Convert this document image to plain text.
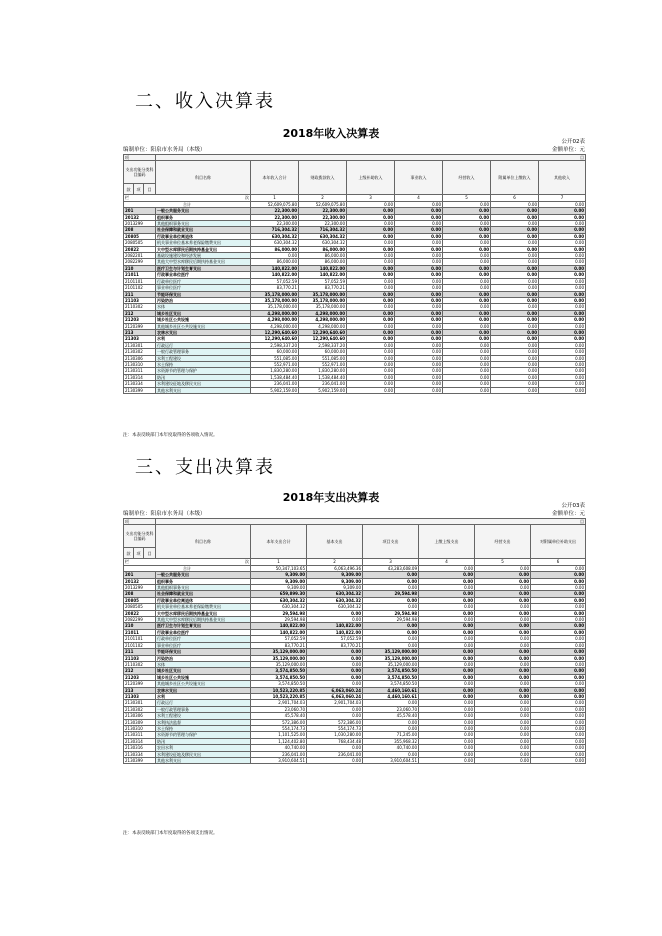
二、收入决算表
2018年收入决算表
公开02表
编制单位：阳泉市水务局（本级）	金额单位：元
项			目							
支出功能分类科目编码			科目名称	本年收入合计	财政拨款收入	上级补助收入	事业收入	经营收入	附属单位上缴收入	其他收入
款	项	目								
栏 次				1	2	3	4	5	6	7
合计				52,609,075.80	52,609,075.80	0.00	0.00	0.00	0.00	0.00
201			一般公共服务支出	22,300.00	22,300.00	0.00	0.00	0.00	0.00	0.00
20132			组织事务	22,300.00	22,300.00	0.00	0.00	0.00	0.00	0.00
2013299			其他组织事务支出	22,300.00	22,300.00	0.00	0.00	0.00	0.00	0.00
208			社会保障和就业支出	716,304.32	716,304.32	0.00	0.00	0.00	0.00	0.00
20805			行政事业单位离退休	630,304.32	630,304.32	0.00	0.00	0.00	0.00	0.00
2080505			机关事业单位基本养老保险缴费支出	630,304.32	630,304.32	0.00	0.00	0.00	0.00	0.00
20822			大中型水库移民后期扶持基金支出	86,000.00	86,000.00	0.00	0.00	0.00	0.00	0.00
2082201			基础设施建设和经济发展	0.00	86,000.00	0.00	0.00	0.00	0.00	0.00
2082299			其他大中型水库移民后期扶持基金支出	86,000.00	86,000.00	0.00	0.00	0.00	0.00	0.00
210			医疗卫生与计划生育支出	140,822.00	140,822.00	0.00	0.00	0.00	0.00	0.00
21011			行政事业单位医疗	140,822.00	140,822.00	0.00	0.00	0.00	0.00	0.00
2101101			行政单位医疗	57,052.59	57,052.59	0.00	0.00	0.00	0.00	0.00
2101102			事业单位医疗	83,770.21	83,770.21	0.00	0.00	0.00	0.00	0.00
211			节能环保支出	35,178,000.00	35,178,000.00	0.00	0.00	0.00	0.00	0.00
21103			污染防治	35,178,000.00	35,178,000.00	0.00	0.00	0.00	0.00	0.00
2110302			水体	35,178,000.00	35,178,000.00	0.00	0.00	0.00	0.00	0.00
212			城乡社区支出	4,298,000.00	4,298,000.00	0.00	0.00	0.00	0.00	0.00
21203			城乡社区公共设施	4,298,000.00	4,298,000.00	0.00	0.00	0.00	0.00	0.00
2120399			其他城乡社区公共设施支出	4,298,000.00	4,298,000.00	0.00	0.00	0.00	0.00	0.00
213			农林水支出	12,290,640.60	12,290,640.60	0.00	0.00	0.00	0.00	0.00
21303			水利	12,290,640.60	12,290,640.60	0.00	0.00	0.00	0.00	0.00
2130301			行政运行	2,598,337.20	2,598,337.20	0.00	0.00	0.00	0.00	0.00
2130302			一般行政管理事务	60,000.00	60,000.00	0.00	0.00	0.00	0.00	0.00
2130306			水利工程建设	551,085.00	551,085.00	0.00	0.00	0.00	0.00	0.00
2130310			水土保持	552,971.00	552,971.00	0.00	0.00	0.00	0.00	0.00
2130311			水资源节约管理与保护	1,830,280.00	1,830,280.00	0.00	0.00	0.00	0.00	0.00
2130314			防汛	1,538,484.40	1,538,484.40	0.00	0.00	0.00	0.00	0.00
2130334			水利建设征地及移民支出	236,041.00	236,041.00	0.00	0.00	0.00	0.00	0.00
2130399			其他水利支出	5,902,159.00	5,902,159.00	0.00	0.00	0.00	0.00	0.00
注：本表反映部门本年度取得的各项收入情况。
三、支出决算表
2018年支出决算表
公开03表
编制单位：阳泉市水务局（本级）	金额单位：元
项			目						
支出功能分类科目编码			科目名称	本年支出合计	基本支出	项目支出	上缴上级支出	经营支出	对附属单位补助支出
款	项	目							
栏 次				1	2	3	4	5	6
合计				50,347,103.65	6,063,496.36	43,283,608.09	0.00	0.00	0.00
201			一般公共服务支出	9,309.00	9,309.00	0.00	0.00	0.00	0.00
20132			组织事务	9,309.00	9,309.00	0.00	0.00	0.00	0.00
2013299			其他组织事务支出	9,309.00	9,309.00	0.00	0.00	0.00	0.00
208			社会保障和就业支出	659,899.30	630,304.32	29,594.98	0.00	0.00	0.00
20805			行政事业单位离退休	630,304.32	630,304.32	0.00	0.00	0.00	0.00
2080505			机关事业单位基本养老保险缴费支出	630,304.32	630,304.32	0.00	0.00	0.00	0.00
20822			大中型水库移民后期扶持基金支出	29,594.98	0.00	29,594.98	0.00	0.00	0.00
2082299			其他大中型水库移民后期扶持基金支出	29,594.98	0.00	29,594.98	0.00	0.00	0.00
210			医疗卫生与计划生育支出	140,822.00	140,822.00	0.00	0.00	0.00	0.00
21011			行政事业单位医疗	140,822.00	140,822.00	0.00	0.00	0.00	0.00
2101101			行政单位医疗	57,052.59	57,052.59	0.00	0.00	0.00	0.00
2101102			事业单位医疗	83,770.21	83,770.21	0.00	0.00	0.00	0.00
211			节能环保支出	35,129,000.00	0.00	35,129,000.00	0.00	0.00	0.00
21103			污染防治	35,129,000.00	0.00	35,129,000.00	0.00	0.00	0.00
2110302			水体	35,129,000.00	0.00	35,129,000.00	0.00	0.00	0.00
212			城乡社区支出	3,574,850.50	0.00	3,574,850.50	0.00	0.00	0.00
21203			城乡社区公共设施	3,574,850.50	0.00	3,574,850.50	0.00	0.00	0.00
2120399			其他城乡社区公共设施支出	3,574,850.50	0.00	3,574,850.50	0.00	0.00	0.00
213			农林水支出	10,523,220.85	6,063,060.24	4,460,160.61	0.00	0.00	0.00
21303			水利	10,523,220.85	6,063,060.24	4,460,160.61	0.00	0.00	0.00
2130301			行政运行	2,901,704.03	2,901,704.03	0.00	0.00	0.00	0.00
2130302			一般行政管理事务	23,060.70	0.00	23,060.70	0.00	0.00	0.00
2130306			水利工程建设	45,578.40	0.00	45,578.40	0.00	0.00	0.00
2130309			水利执法监督	572,386.00	572,386.00	0.00	0.00	0.00	0.00
2130310			水土保持	554,174.73	554,174.73	0.00	0.00	0.00	0.00
2130311			水资源节约管理与保护	1,101,525.00	1,030,280.00	71,245.00	0.00	0.00	0.00
2130314			防汛	1,124,402.80	768,434.48	355,968.32	0.00	0.00	0.00
2130316			农田水利	40,740.00	0.00	40,740.00	0.00	0.00	0.00
2130334			水利建设征地及移民支出	236,041.00	236,041.00	0.00	0.00	0.00	0.00
2130399			其他水利支出	3,910,604.51	0.00	3,910,604.51	0.00	0.00	0.00
注：本表反映部门本年度取得的各项支出情况。
